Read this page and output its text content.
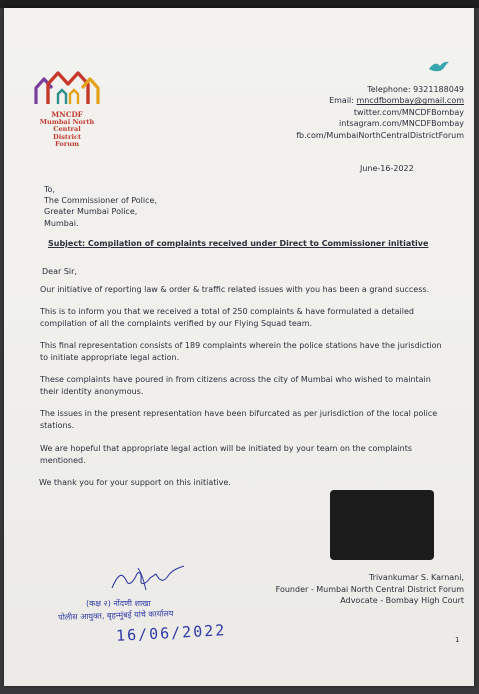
MNCDF
Mumbai North
Central
District
Forum
Telephone: 9321188049
Email: mncdfbombay@gmail.com
twitter.com/MNCDFBombay
intsagram.com/MNCDFBombay
fb.com/MumbaiNorthCentralDistrictForum
June-16-2022
To,
The Commissioner of Police,
Greater Mumbai Police,
Mumbai.
Subject: Compilation of complaints received under Direct to Commissioner initiative
Dear Sir,
Our initiative of reporting law & order & traffic related issues with you has been a grand success.
This is to inform you that we received a total of 250 complaints & have formulated a detailed
compilation of all the complaints verified by our Flying Squad team.
This final representation consists of 189 complaints wherein the police stations have the jurisdiction
to initiate appropriate legal action.
These complaints have poured in from citizens across the city of Mumbai who wished to maintain
their identity anonymous.
The issues in the present representation have been bifurcated as per jurisdiction of the local police
stations.
We are hopeful that appropriate legal action will be initiated by your team on the complaints
mentioned.
We thank you for your support on this initiative.
Trivankumar S. Karnani,
Founder - Mumbai North Central District Forum
Advocate - Bombay High Court
(कक्ष २) नोंदणी शाखा
पोलीस आयुक्त, बृहन्मुंबई यांचे कार्यालय
16/06/2022	1
